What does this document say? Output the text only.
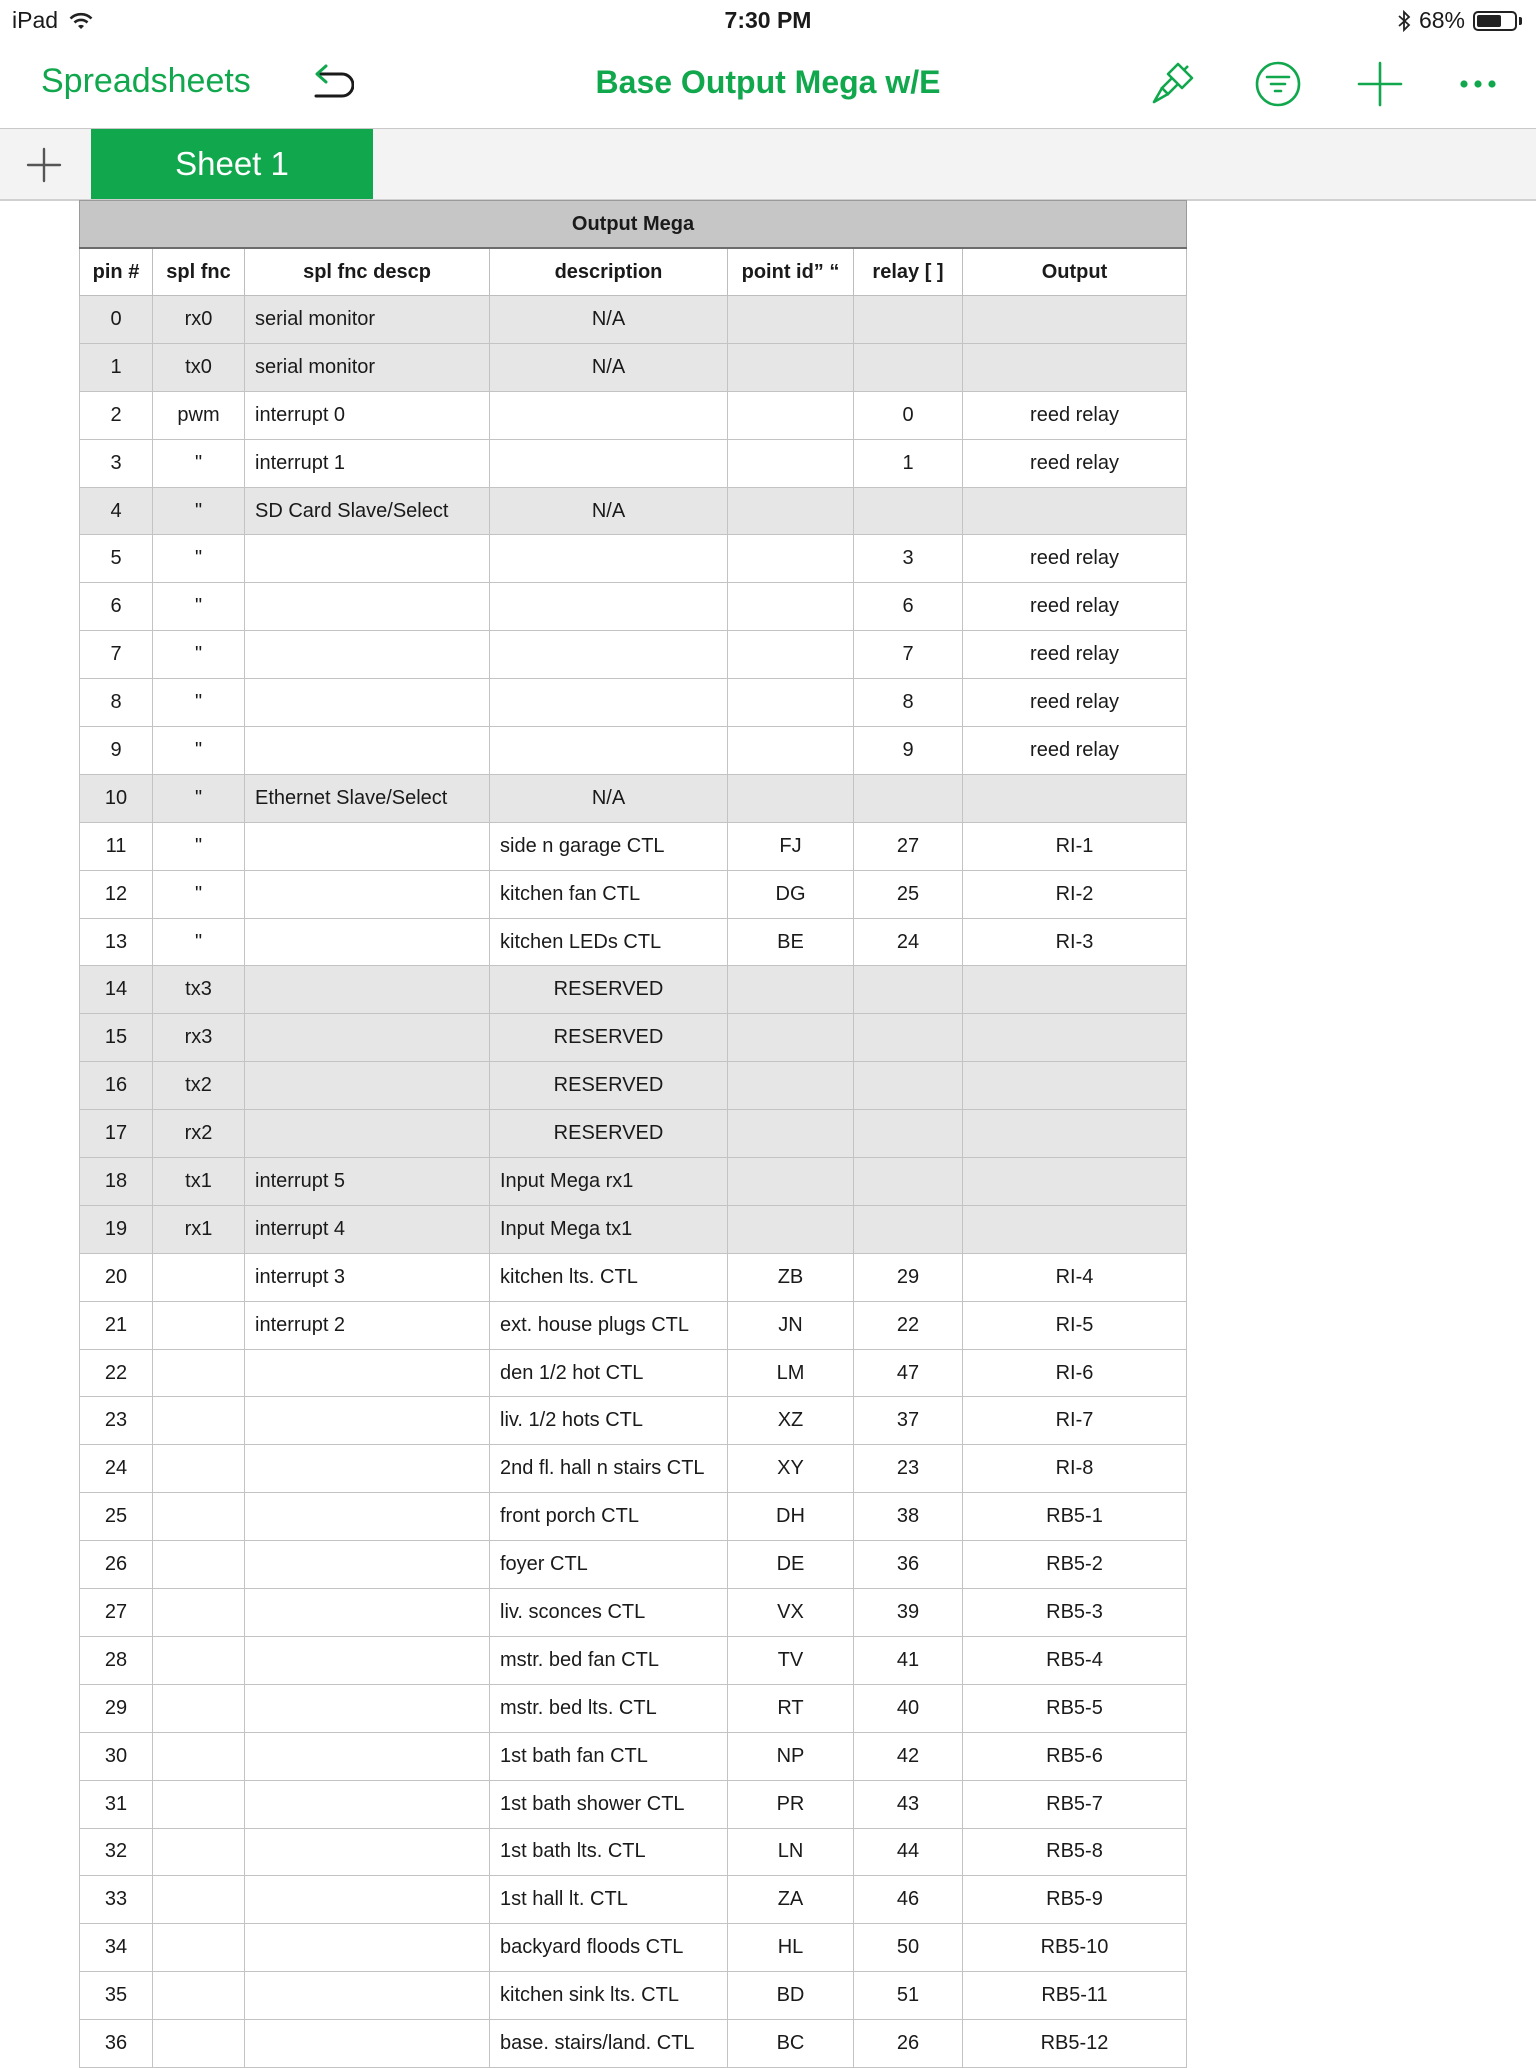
iPad	7:30 PM	68%
Spreadsheets	Base Output Mega w/E
Sheet 1
Output Mega						
pin #	spl fnc	spl fnc descp	description	point id” “	relay [ ]	Output
0	rx0	serial monitor	N/A			
1	tx0	serial monitor	N/A			
2	pwm	interrupt 0			0	reed relay
3	"	interrupt 1			1	reed relay
4	"	SD Card Slave/Select	N/A			
5	"				3	reed relay
6	"				6	reed relay
7	"				7	reed relay
8	"				8	reed relay
9	"				9	reed relay
10	"	Ethernet Slave/Select	N/A			
11	"		side n garage CTL	FJ	27	RI-1
12	"		kitchen fan CTL	DG	25	RI-2
13	"		kitchen LEDs CTL	BE	24	RI-3
14	tx3		RESERVED			
15	rx3		RESERVED			
16	tx2		RESERVED			
17	rx2		RESERVED			
18	tx1	interrupt 5	Input Mega rx1			
19	rx1	interrupt 4	Input Mega tx1			
20		interrupt 3	kitchen lts. CTL	ZB	29	RI-4
21		interrupt 2	ext. house plugs CTL	JN	22	RI-5
22			den 1/2 hot CTL	LM	47	RI-6
23			liv. 1/2 hots CTL	XZ	37	RI-7
24			2nd fl. hall n stairs CTL	XY	23	RI-8
25			front porch CTL	DH	38	RB5-1
26			foyer CTL	DE	36	RB5-2
27			liv. sconces CTL	VX	39	RB5-3
28			mstr. bed fan CTL	TV	41	RB5-4
29			mstr. bed lts. CTL	RT	40	RB5-5
30			1st bath fan CTL	NP	42	RB5-6
31			1st bath shower CTL	PR	43	RB5-7
32			1st bath lts. CTL	LN	44	RB5-8
33			1st hall lt. CTL	ZA	46	RB5-9
34			backyard floods CTL	HL	50	RB5-10
35			kitchen sink lts. CTL	BD	51	RB5-11
36			base. stairs/land. CTL	BC	26	RB5-12
